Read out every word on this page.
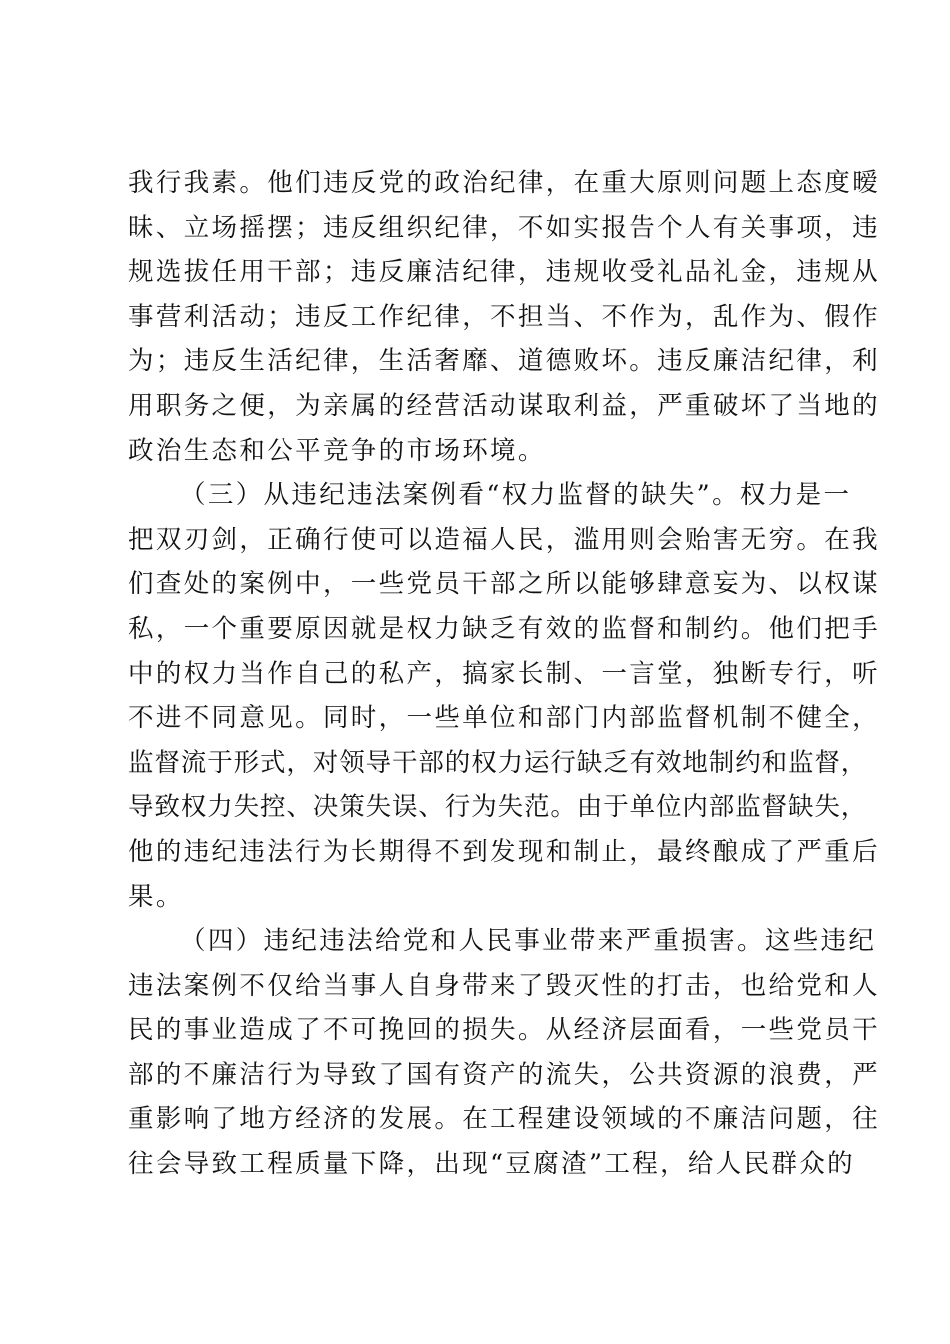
我行我素。他们违反党的政治纪律，在重大原则问题上态度暧
昧、立场摇摆；违反组织纪律，不如实报告个人有关事项，违
规选拔任用干部；违反廉洁纪律，违规收受礼品礼金，违规从
事营利活动；违反工作纪律，不担当、不作为，乱作为、假作
为；违反生活纪律，生活奢靡、道德败坏。违反廉洁纪律，利
用职务之便，为亲属的经营活动谋取利益，严重破坏了当地的
政治生态和公平竞争的市场环境。
（三）从违纪违法案例看“权力监督的缺失”。权力是一
把双刃剑，正确行使可以造福人民，滥用则会贻害无穷。在我
们查处的案例中，一些党员干部之所以能够肆意妄为、以权谋
私，一个重要原因就是权力缺乏有效的监督和制约。他们把手
中的权力当作自己的私产，搞家长制、一言堂，独断专行，听
不进不同意见。同时，一些单位和部门内部监督机制不健全，
监督流于形式，对领导干部的权力运行缺乏有效地制约和监督，
导致权力失控、决策失误、行为失范。由于单位内部监督缺失，
他的违纪违法行为长期得不到发现和制止，最终酿成了严重后
果。
（四）违纪违法给党和人民事业带来严重损害。这些违纪
违法案例不仅给当事人自身带来了毁灭性的打击，也给党和人
民的事业造成了不可挽回的损失。从经济层面看，一些党员干
部的不廉洁行为导致了国有资产的流失，公共资源的浪费，严
重影响了地方经济的发展。在工程建设领域的不廉洁问题，往
往会导致工程质量下降，出现“豆腐渣”工程，给人民群众的
